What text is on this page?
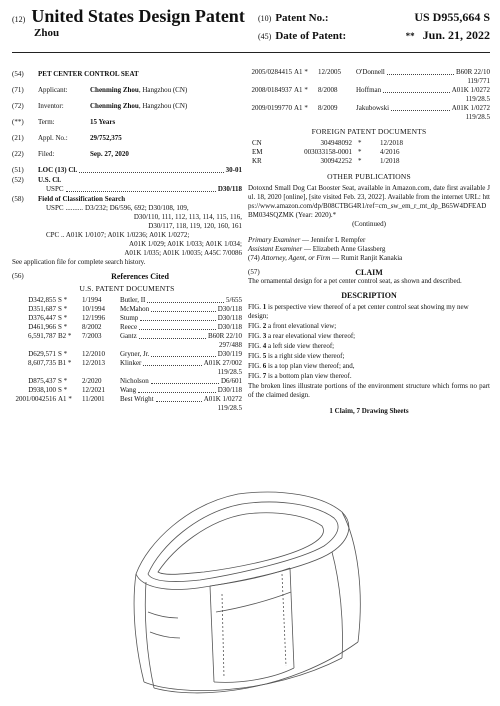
(12) United States Design Patent
Zhou
(10) Patent No.:	US D955,664 S
(45) Date of Patent:	** Jun. 21, 2022
(54)	PET CENTER CONTROL SEAT
(71)	Applicant:	Chenming Zhou, Hangzhou (CN)
(72)	Inventor:	Chenming Zhou, Hangzhou (CN)
(**)	Term:	15 Years
(21)	Appl. No.:	29/752,375
(22)	Filed:	Sep. 27, 2020
(51)	LOC (13) Cl.	30-01
(52)	U.S. Cl.
USPC	D30/118
(58)	Field of Classification Search
USPC .......... D3/232; D6/596, 692; D30/108, 109,
D30/110, 111, 112, 113, 114, 115, 116,
D30/117, 118, 119, 120, 160, 161
CPC .. A01K 1/0107; A01K 1/0236; A01K 1/0272;
A01K 1/029; A01K 1/033; A01K 1/034;
A01K 1/035; A01K 1/0035; A45C 7/0086
See application file for complete search history.
(56)	References Cited
U.S. PATENT DOCUMENTS
D342,855 S *	1/1994	Butler, II	5/655
D351,687 S *	10/1994	McMahon	D30/118
D376,447 S *	12/1996	Stump	D30/118
D461,966 S *	8/2002	Reece	D30/118
6,591,787 B2 *	7/2003	Gantz	B60R 22/10
297/488
D629,571 S *	12/2010	Gryner, Jr.	D30/119
8,607,735 B1 *	12/2013	Klinker	A01K 27/002
119/28.5
D875,437 S *	2/2020	Nicholson	D6/601
D938,100 S *	12/2021	Wang	D30/118
2001/0042516 A1 *	11/2001	Best Wright	A01K 1/0272
119/28.5
2005/0284415 A1 *	12/2005	O'Donnell	B60R 22/10
119/771
2008/0184937 A1 *	8/2008	Hoffman	A01K 1/0272
119/28.5
2009/0199770 A1 *	8/2009	Jakubowski	A01K 1/0272
119/28.5
FOREIGN PATENT DOCUMENTS
CN	304948092 *	12/2018
EM	003033158-0001 *	4/2016
KR	300942252 *	1/2018
OTHER PUBLICATIONS
Dotoxnd Small Dog Cat Booster Seat, available in Amazon.com, date first available Jul. 18, 2020 [online], [site visited Feb. 23, 2022]. Available from the internet URL: https://www.amazon.com/dp/B08CTBG4R1/ref=cm_sw_em_r_mt_dp_B65W4DFEADBM034SQZMK (Year: 2020).*
(Continued)
Primary Examiner — Jennifer L Rempfer
Assistant Examiner — Elizabeth Anne Glassberg
(74) Attorney, Agent, or Firm — Rumit Ranjit Kanakia
(57)	CLAIM
The ornamental design for a pet center control seat, as shown and described.
DESCRIPTION
FIG. 1 is perspective view thereof of a pet center control seat showing my new design;
FIG. 2 a front elevational view;
FIG. 3 a rear elevational view thereof;
FIG. 4 a left side view thereof;
FIG. 5 is a right side view thereof;
FIG. 6 is a top plan view thereof; and,
FIG. 7 is a bottom plan view thereof.
The broken lines illustrate portions of the environment structure which forms no part of the claimed design.
1 Claim, 7 Drawing Sheets
